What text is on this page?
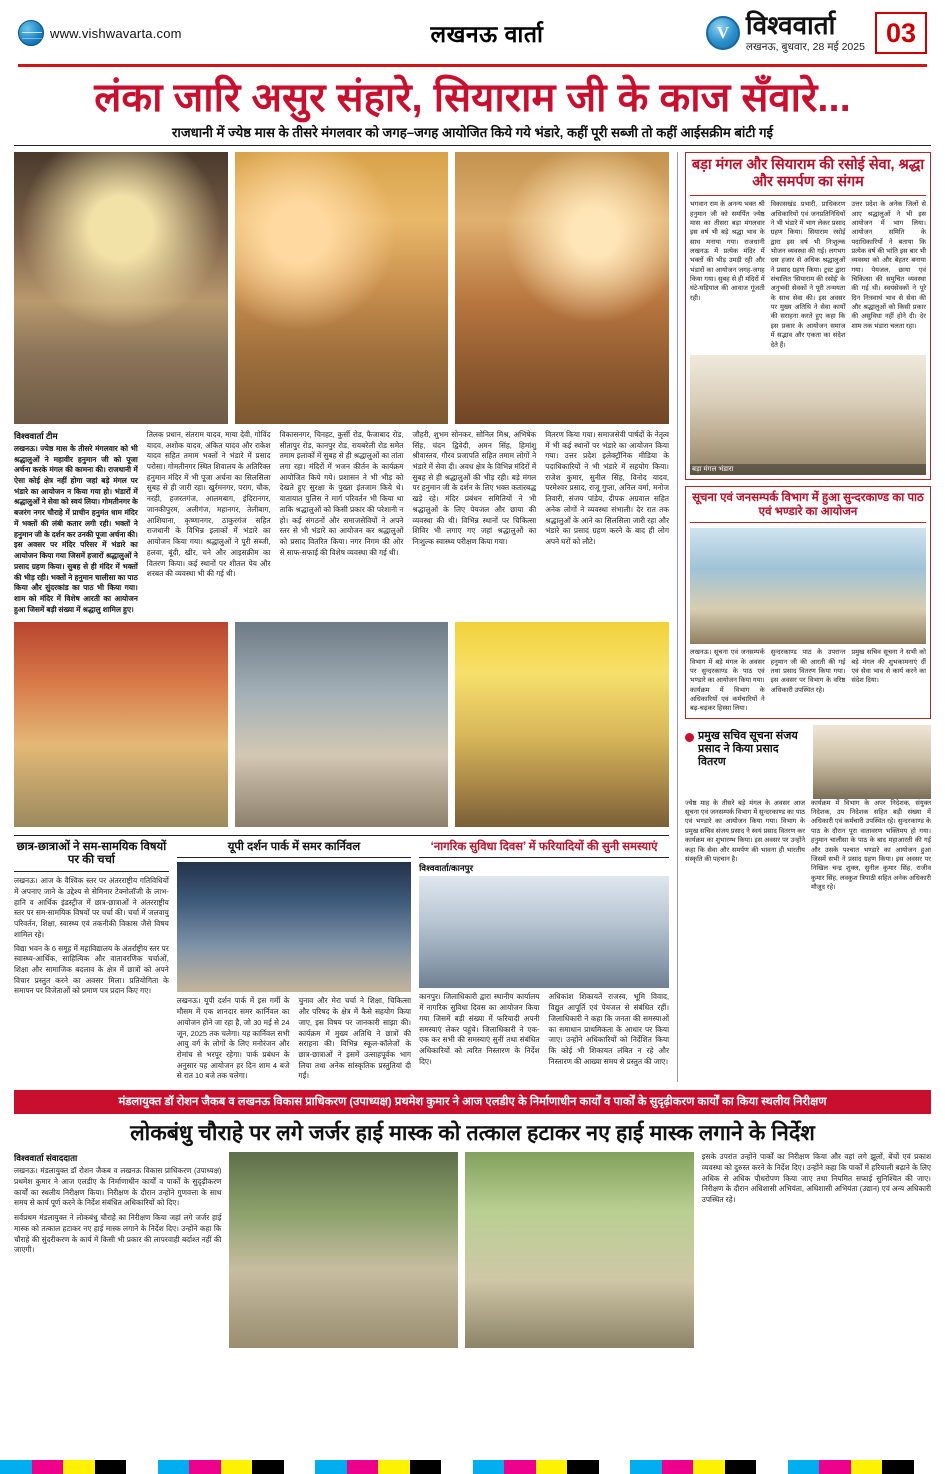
www.vishwavarta.com	लखनऊ वार्ता	V विश्ववार्ता
लखनऊ, बुधवार, 28 मई 2025 03
लंका जारि असुर संहारे, सियाराम जी के काज सँवारे...
राजधानी में ज्येष्ठ मास के तीसरे मंगलवार को जगह–जगह आयोजित किये गये भंडारे, कहीं पूरी सब्जी तो कहीं आईसक्रीम बांटी गई
विश्ववार्ता टीम
लखनऊ। ज्येष्ठ मास के तीसरे मंगलवार को भी श्रद्धालुओं ने महावीर हनुमान जी को पूजा अर्चना करके मंगल की कामना की। राजधानी में ऐसा कोई क्षेत्र नहीं होगा जहां बड़े मंगल पर भंडारे का आयोजन न किया गया हो। भंडारों में श्रद्धालुओं ने सेवा को स्वयं लिया। गोमतीनगर के बजरंग नगर चौराहे में प्राचीन हनुमंत धाम मंदिर में भक्तों की लंबी कतार लगी रही। भक्तों ने हनुमान जी के दर्शन कर उनकी पूजा अर्चना की। इस अवसर पर मंदिर परिसर में भंडारे का आयोजन किया गया जिसमें हजारों श्रद्धालुओं ने प्रसाद ग्रहण किया। सुबह से ही मंदिर में भक्तों की भीड़ रही। भक्तों ने हनुमान चालीसा का पाठ किया और सुंदरकांड का पाठ भी किया गया। शाम को मंदिर में विशेष आरती का आयोजन हुआ जिसमें बड़ी संख्या में श्रद्धालु शामिल हुए।
तिलक प्रधान, संतराम यादव, माया देवी, गोविंद यादव, अशोक यादव, अंकित यादव और राकेश यादव सहित तमाम भक्तों ने भंडारे में प्रसाद परोसा। गोमतीनगर स्थित शिवालय के अतिरिक्त हनुमान मंदिर में भी पूजा अर्चना का सिलसिला सुबह से ही जारी रहा। खुर्रमनगर, पराग, चौक, नरही, हजरतगंज, आलमबाग, इंदिरानगर, जानकीपुरम, अलीगंज, महानगर, तेलीबाग, आशियाना, कृष्णानगर, ठाकुरगंज सहित राजधानी के विभिन्न इलाकों में भंडारे का आयोजन किया गया। श्रद्धालुओं ने पूरी सब्जी, हलवा, बूंदी, खीर, चने और आइसक्रीम का वितरण किया। कई स्थानों पर शीतल पेय और शरबत की व्यवस्था भी की गई थी।
विकासनगर, चिनहट, कुर्सी रोड, फैजाबाद रोड, सीतापुर रोड, कानपुर रोड, रायबरेली रोड समेत तमाम इलाकों में सुबह से ही श्रद्धालुओं का तांता लगा रहा। मंदिरों में भजन कीर्तन के कार्यक्रम आयोजित किये गये। प्रशासन ने भी भीड़ को देखते हुए सुरक्षा के पुख्ता इंतजाम किये थे। यातायात पुलिस ने मार्ग परिवर्तन भी किया था ताकि श्रद्धालुओं को किसी प्रकार की परेशानी न हो। कई संगठनों और समाजसेवियों ने अपने स्तर से भी भंडारे का आयोजन कर श्रद्धालुओं को प्रसाद वितरित किया। नगर निगम की ओर से साफ-सफाई की विशेष व्यवस्था की गई थी।
जौहरी, शुभम सोनकर, सोनिल मिश्र, अभिषेक सिंह, चंदन द्विवेदी, अमन सिंह, हिमांशु श्रीवास्तव, गौरव प्रजापति सहित तमाम लोगों ने भंडारे में सेवा दी। अवध क्षेत्र के विभिन्न मंदिरों में सुबह से ही श्रद्धालुओं की भीड़ रही। बड़े मंगल पर हनुमान जी के दर्शन के लिए भक्त कतारबद्ध खड़े रहे। मंदिर प्रबंधन समितियों ने भी श्रद्धालुओं के लिए पेयजल और छाया की व्यवस्था की थी। विभिन्न स्थानों पर चिकित्सा शिविर भी लगाए गए जहां श्रद्धालुओं का निःशुल्क स्वास्थ्य परीक्षण किया गया।
वितरण किया गया। समाजसेवी पार्षदों के नेतृत्व में भी कई स्थानों पर भंडारे का आयोजन किया गया। उत्तर प्रदेश इलेक्ट्रॉनिक मीडिया के पदाधिकारियों ने भी भंडारे में सहयोग किया। राजेश कुमार, सुनील सिंह, विनोद यादव, परमेश्वर प्रसाद, राजू गुप्ता, अनिल वर्मा, मनोज तिवारी, संजय पांडेय, दीपक अग्रवाल सहित अनेक लोगों ने व्यवस्था संभाली। देर रात तक श्रद्धालुओं के आने का सिलसिला जारी रहा और भंडारे का प्रसाद ग्रहण करने के बाद ही लोग अपने घरों को लौटे।
छात्र-छात्राओं ने सम-सामयिक विषयों पर की चर्चा
लखनऊ। आज के वैश्विक स्तर पर अंतरराष्ट्रीय गतिविधियों में अपनाए जाने के उद्देश्य से सेमिनार टेक्नोलॉजी के लाभ-हानि व आर्थिक इंडस्ट्रीज में छात्र-छात्राओं ने अंतरराष्ट्रीय स्तर पर सम-सामयिक विषयों पर चर्चा की। चर्चा में जलवायु परिवर्तन, शिक्षा, स्वास्थ्य एवं तकनीकी विकास जैसे विषय शामिल रहे।
विद्या भवन के 6 समूह में महाविद्यालय के अंतर्राष्ट्रीय स्तर पर स्वास्थ्य-आर्थिक, साहित्यिक और वातावरणिक चर्चाओं, शिक्षा और सामाजिक बदलाव के क्षेत्र में छात्रों को अपने विचार प्रस्तुत करने का अवसर मिला। प्रतियोगिता के समापन पर विजेताओं को प्रमाण पत्र प्रदान किए गए।
यूपी दर्शन पार्क में समर कार्निवल
लखनऊ। यूपी दर्शन पार्क में इस गर्मी के मौसम में एक शानदार समर कार्निवल का आयोजन होने जा रहा है, जो 30 मई से 24 जून, 2025 तक चलेगा। यह कार्निवल सभी आयु वर्ग के लोगों के लिए मनोरंजन और रोमांच से भरपूर रहेगा। पार्क प्रबंधन के अनुसार यह आयोजन हर दिन शाम 4 बजे से रात 10 बजे तक चलेगा।
चुनाव और मेरा चर्चा ने शिक्षा, चिकित्सा और परिषद के क्षेत्र में कैसे सहयोग किया जाए, इस विषय पर जानकारी साझा की। कार्यक्रम में मुख्य अतिथि ने छात्रों की सराहना की। विभिन्न स्कूल-कॉलेजों के छात्र-छात्राओं ने इसमें उत्साहपूर्वक भाग लिया तथा अनेक सांस्कृतिक प्रस्तुतियां दी गईं।
‘नागरिक सुविधा दिवस’ में फरियादियों की सुनी समस्याएं
विश्ववार्ता/कानपुर
कानपुर। जिलाधिकारी द्वारा स्थानीय कार्यालय में नागरिक सुविधा दिवस का आयोजन किया गया जिसमें बड़ी संख्या में फरियादी अपनी समस्याएं लेकर पहुंचे। जिलाधिकारी ने एक-एक कर सभी की समस्याएं सुनीं तथा संबंधित अधिकारियों को त्वरित निस्तारण के निर्देश दिए।
अधिकांश शिकायतें राजस्व, भूमि विवाद, विद्युत आपूर्ति एवं पेयजल से संबंधित रहीं। जिलाधिकारी ने कहा कि जनता की समस्याओं का समाधान प्राथमिकता के आधार पर किया जाए। उन्होंने अधिकारियों को निर्देशित किया कि कोई भी शिकायत लंबित न रहे और निस्तारण की आख्या समय से प्रस्तुत की जाए।
बड़ा मंगल और सियाराम की रसोई सेवा, श्रद्धा और समर्पण का संगम
भगवान राम के अनन्य भक्त श्री हनुमान जी को समर्पित ज्येष्ठ मास का तीसरा बड़ा मंगलवार इस वर्ष भी बड़े श्रद्धा भाव के साथ मनाया गया। राजधानी लखनऊ में प्रत्येक मंदिर में भक्तों की भीड़ उमड़ी रही और भंडारों का आयोजन जगह-जगह किया गया। सुबह से ही मंदिरों में घंटे-घड़ियाल की आवाज गूंजती रही।
विकासखंड प्रभारी, प्राधिकरण अधिकारियों एवं जनप्रतिनिधियों ने भी भंडारे में भाग लेकर प्रसाद ग्रहण किया। सियाराम रसोई द्वारा इस वर्ष भी निःशुल्क भोजन व्यवस्था की गई। लगभग दस हजार से अधिक श्रद्धालुओं ने प्रसाद ग्रहण किया। ट्रस्ट द्वारा संचालित 'सियाराम की रसोई' के अनुभवी सेवकों ने पूरी तन्मयता के साथ सेवा की। इस अवसर पर मुख्य अतिथि ने सेवा कार्यों की सराहना करते हुए कहा कि इस प्रकार के आयोजन समाज में सद्भाव और एकता का संदेश देते हैं।
उत्तर प्रदेश के अनेक जिलों से आए श्रद्धालुओं ने भी इस आयोजन में भाग लिया। आयोजन समिति के पदाधिकारियों ने बताया कि प्रत्येक वर्ष की भांति इस बार भी व्यवस्था को और बेहतर बनाया गया। पेयजल, छाया एवं चिकित्सा की समुचित व्यवस्था की गई थी। स्वयंसेवकों ने पूरे दिन निःस्वार्थ भाव से सेवा की और श्रद्धालुओं को किसी प्रकार की असुविधा नहीं होने दी। देर शाम तक भंडारा चलता रहा।
बड़ा मंगल भंडारा
सूचना एवं जनसम्पर्क विभाग में हुआ सुन्दरकाण्ड का पाठ एवं भण्डारे का आयोजन
लखनऊ। सूचना एवं जनसम्पर्क विभाग में बड़े मंगल के अवसर पर सुन्दरकाण्ड के पाठ एवं भण्डारे का आयोजन किया गया। कार्यक्रम में विभाग के अधिकारियों एवं कर्मचारियों ने बढ़-चढ़कर हिस्सा लिया।
सुन्दरकाण्ड पाठ के उपरान्त हनुमान जी की आरती की गई तथा प्रसाद वितरण किया गया। इस अवसर पर विभाग के वरिष्ठ अधिकारी उपस्थित रहे।
प्रमुख सचिव सूचना ने सभी को बड़े मंगल की शुभकामनाएं दीं एवं सेवा भाव से कार्य करने का संदेश दिया।
प्रमुख सचिव सूचना संजय प्रसाद ने किया प्रसाद वितरण
ज्येष्ठ माह के तीसरे बड़े मंगल के अवसर आज सूचना एवं जनसम्पर्क विभाग में सुन्दरकाण्ड का पाठ एवं भण्डारे का आयोजन किया गया। विभाग के प्रमुख सचिव संजय प्रसाद ने स्वयं प्रसाद वितरण कर कार्यक्रम का शुभारम्भ किया। इस अवसर पर उन्होंने कहा कि सेवा और समर्पण की भावना ही भारतीय संस्कृति की पहचान है।
कार्यक्रम में विभाग के अपर निदेशक, संयुक्त निदेशक, उप निदेशक सहित बड़ी संख्या में अधिकारी एवं कर्मचारी उपस्थित रहे। सुन्दरकाण्ड के पाठ के दौरान पूरा वातावरण भक्तिमय हो गया। हनुमान चालीसा के पाठ के बाद महाआरती की गई और उसके पश्चात भण्डारे का आयोजन हुआ जिसमें सभी ने प्रसाद ग्रहण किया। इस अवसर पर निखिल चन्द्र शुक्ल, सुनील कुमार सिंह, राजीव कुमार सिंह, लवकुश त्रिपाठी सहित अनेक अधिकारी मौजूद रहे।
मंडलायुक्त डॉ रोशन जैकब व लखनऊ विकास प्राधिकरण (उपाध्यक्ष) प्रथमेश कुमार ने आज एलडीए के निर्माणाधीन कार्यों व पार्कों के सुदृढ़ीकरण कार्यों का किया स्थलीय निरीक्षण
लोकबंधु चौराहे पर लगे जर्जर हाई मास्क को तत्काल हटाकर नए हाई मास्क लगाने के निर्देश
विश्ववार्ता संवाददाता
लखनऊ। मंडलायुक्त डॉ रोशन जैकब व लखनऊ विकास प्राधिकरण (उपाध्यक्ष) प्रथमेश कुमार ने आज एलडीए के निर्माणाधीन कार्यों व पार्कों के सुदृढ़ीकरण कार्यों का स्थलीय निरीक्षण किया। निरीक्षण के दौरान उन्होंने गुणवत्ता के साथ समय से कार्य पूर्ण करने के निर्देश संबंधित अधिकारियों को दिए।
सर्वप्रथम मंडलायुक्त ने लोकबंधु चौराहे का निरीक्षण किया जहां लगे जर्जर हाई मास्क को तत्काल हटाकर नए हाई मास्क लगाने के निर्देश दिए। उन्होंने कहा कि चौराहे की सुंदरीकरण के कार्य में किसी भी प्रकार की लापरवाही बर्दाश्त नहीं की जाएगी।
इसके उपरांत उन्होंने पार्कों का निरीक्षण किया और वहां लगे झूलों, बेंचों एवं प्रकाश व्यवस्था को दुरुस्त करने के निर्देश दिए। उन्होंने कहा कि पार्कों में हरियाली बढ़ाने के लिए अधिक से अधिक पौधरोपण किया जाए तथा नियमित सफाई सुनिश्चित की जाए। निरीक्षण के दौरान अधिशासी अभियंता, अधिशासी अभियंता (उद्यान) एवं अन्य अधिकारी उपस्थित रहे।
